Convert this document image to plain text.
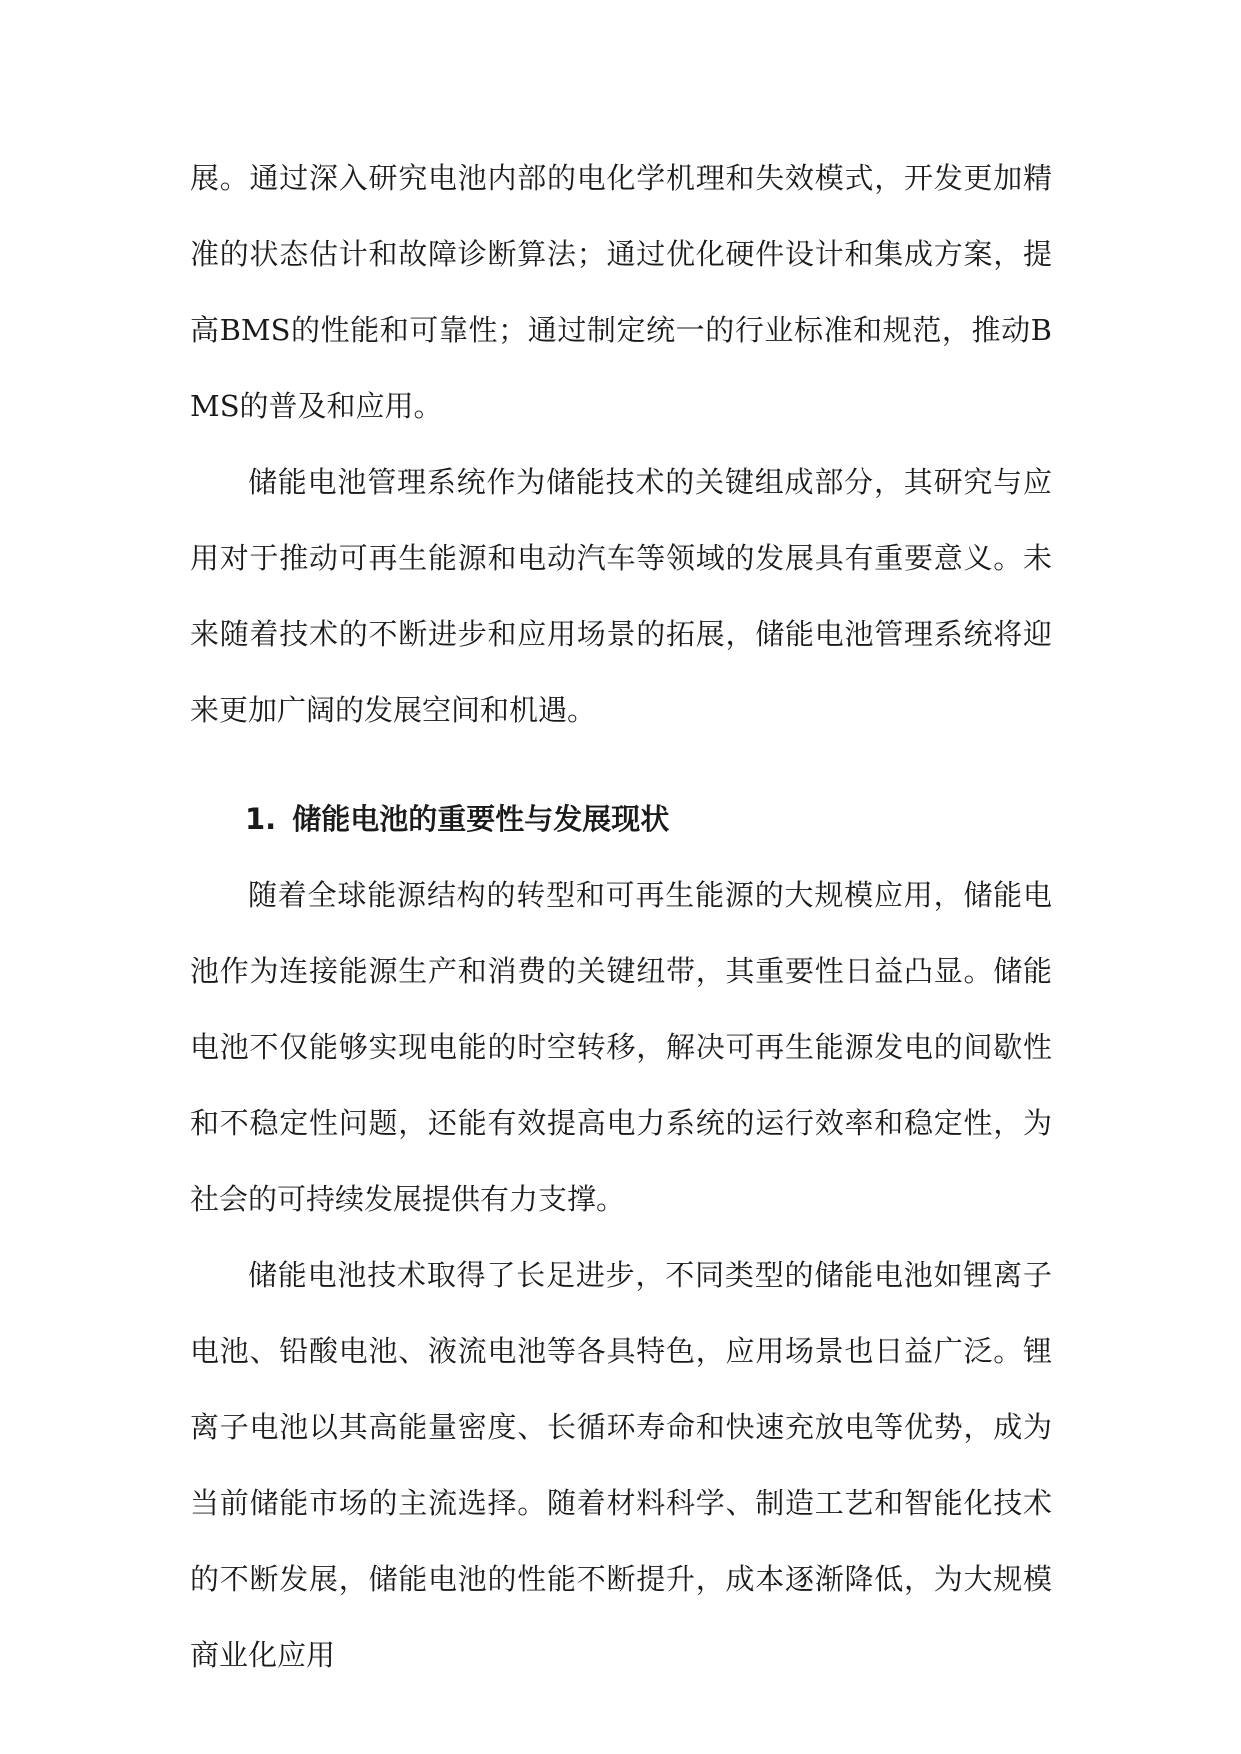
展。通过深入研究电池内部的电化学机理和失效模式，开发更加精准的状态估计和故障诊断算法；通过优化硬件设计和集成方案，提高BMS的性能和可靠性；通过制定统一的行业标准和规范，推动BMS的普及和应用。

储能电池管理系统作为储能技术的关键组成部分，其研究与应用对于推动可再生能源和电动汽车等领域的发展具有重要意义。未来随着技术的不断进步和应用场景的拓展，储能电池管理系统将迎来更加广阔的发展空间和机遇。

1. 储能电池的重要性与发展现状

随着全球能源结构的转型和可再生能源的大规模应用，储能电池作为连接能源生产和消费的关键纽带，其重要性日益凸显。储能电池不仅能够实现电能的时空转移，解决可再生能源发电的间歇性和不稳定性问题，还能有效提高电力系统的运行效率和稳定性，为社会的可持续发展提供有力支撑。

储能电池技术取得了长足进步，不同类型的储能电池如锂离子电池、铅酸电池、液流电池等各具特色，应用场景也日益广泛。锂离子电池以其高能量密度、长循环寿命和快速充放电等优势，成为当前储能市场的主流选择。随着材料科学、制造工艺和智能化技术的不断发展，储能电池的性能不断提升，成本逐渐降低，为大规模商业化应用
